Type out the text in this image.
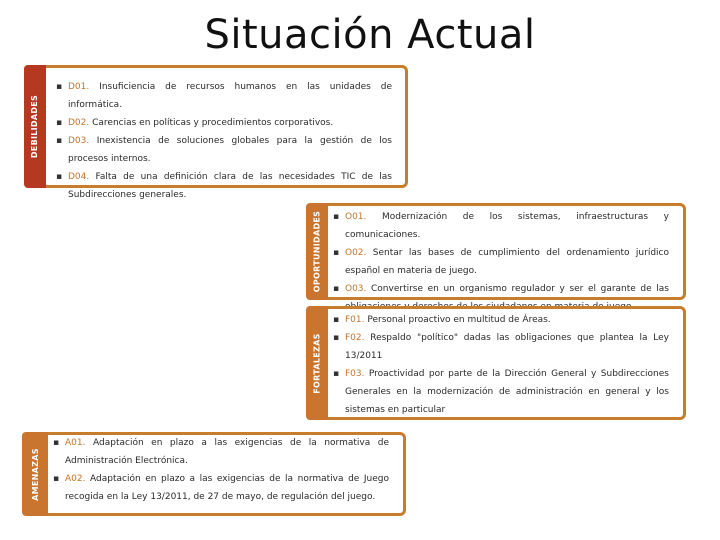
Situación Actual
DEBILIDADES
▪ D01. Insuficiencia de recursos humanos en las unidades de informática.
▪ D02. Carencias en políticas y procedimientos corporativos.
▪ D03. Inexistencia de soluciones globales para la gestión de los procesos internos.
▪ D04. Falta de una definición clara de las necesidades TIC de las Subdirecciones generales.
OPORTUNIDADES
▪	O01. Modernización de los sistemas, infraestructuras y comunicaciones.
▪ O02. Sentar las bases de cumplimiento del ordenamiento jurídico español en materia de juego.
▪ O03. Convertirse en un organismo regulador y ser el garante de las
FORTALEZAS
▪ F01. Personal proactivo en multitud de Áreas.
▪ F02. Respaldo "político" dadas las obligaciones que plantea la Ley 13/2011
▪ F03. Proactividad por parte de la Dirección General y Subdirecciones Generales en la modernización de administración en general y los sistemas en particular
AMENAZAS
▪ A01. Adaptación en plazo a las exigencias de la normativa de Administración Electrónica.
▪ A02. Adaptación en plazo a las exigencias de la normativa de Juego recogida en la Ley 13/2011, de 27 de mayo, de regulación del juego.
